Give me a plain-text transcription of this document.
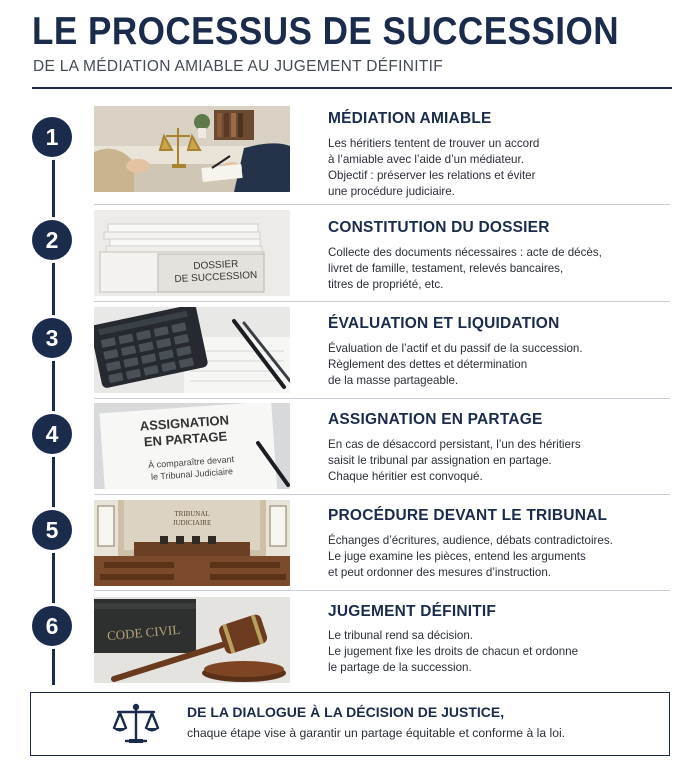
LE PROCESSUS DE SUCCESSION
DE LA MÉDIATION AMIABLE AU JUGEMENT DÉFINITIF
1
MÉDIATION AMIABLE
Les héritiers tentent de trouver un accord
à l’amiable avec l’aide d’un médiateur.
Objectif : préserver les relations et éviter
une procédure judiciaire.
2
DOSSIER
DE SUCCESSION
CONSTITUTION DU DOSSIER
Collecte des documents nécessaires : acte de décès,
livret de famille, testament, relevés bancaires,
titres de propriété, etc.
3
ÉVALUATION ET LIQUIDATION
Évaluation de l’actif et du passif de la succession.
Règlement des dettes et détermination
de la masse partageable.
4	ASSIGNATION
EN PARTAGE
À comparaître devant
le Tribunal Judiciaire
ASSIGNATION EN PARTAGE
En cas de désaccord persistant, l’un des héritiers
saisit le tribunal par assignation en partage.
Chaque héritier est convoqué.
5
TRIBUNAL
JUDICIAIRE	PROCÉDURE DEVANT LE TRIBUNAL
Échanges d’écritures, audience, débats contradictoires.
Le juge examine les pièces, entend les arguments
et peut ordonner des mesures d’instruction.
6	CODE CIVIL
JUGEMENT DÉFINITIF
Le tribunal rend sa décision.
Le jugement fixe les droits de chacun et ordonne
le partage de la succession.
DE LA DIALOGUE À LA DÉCISION DE JUSTICE,
chaque étape vise à garantir un partage équitable et conforme à la loi.
